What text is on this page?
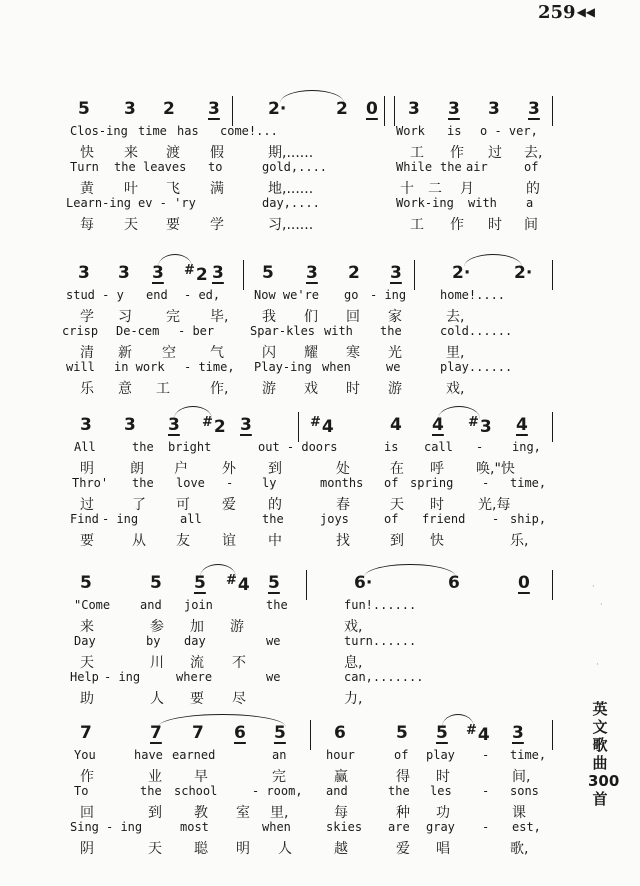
259◀◀
5 3 2 3	2·	2 0 3 3 3 3
Clos-ing time has come!...	Work is o - ver,
快 来 渡 假	期,......	工 作 过 去,
Turn the leaves to	gold,....	While the air	of
黄 叶 飞 满	地,......	十 二 月	的
Learn-ing ev - 'ry	day,....	Work-ing with a
每 天 要 学	习,......	工 作 时 间
3 3 3 #2 3 5 3 2 3	2·	2·
stud - y end - ed,	Now we're go - ing	home!....
学 习 完 毕, 我 们 回 家	去,
crisp De-cem - ber	Spar-kles with the	cold......
清 新 空 气	闪 耀 寒 光	里,
will in work - time, Play-ing when	we	play......
乐 意 工	作, 游 戏 时 游	戏,
3 3 3 #2 3	#4	4 4 #3 4
All	the bright	out - doors	is call - ing,
明	朗 户 外 到	处	在 呼 唤,"快
Thro' the love - ly	months of spring - time,
过	了 可 爱 的	春	天 时 光,每
Find - ing	all	the	joys	of friend - ship,
要	从 友 谊 中	找	到 快	乐,
5	5 5 #4 5	6·	6	0
"Come and join	the	fun!......
来	参 加 游	戏,
Day	by day	we	turn......
天	川 流 不	息,
Help - ing	where	we	can,.......
助	人 要 尽	力,
7	7 7 6 5	6	5 5 #4 3
You	have earned	an	hour	of play - time,
作	业 早	完	赢	得 时	间,
To	the school	- room, and	the les	- sons
回	到 教 室 里,	每	种 功	课
Sing - ing	most	when	skies are gray - est,
阴	天 聪 明 人	越	爱 唱	歌,
英
文
歌
曲
300
首
·
·
·
